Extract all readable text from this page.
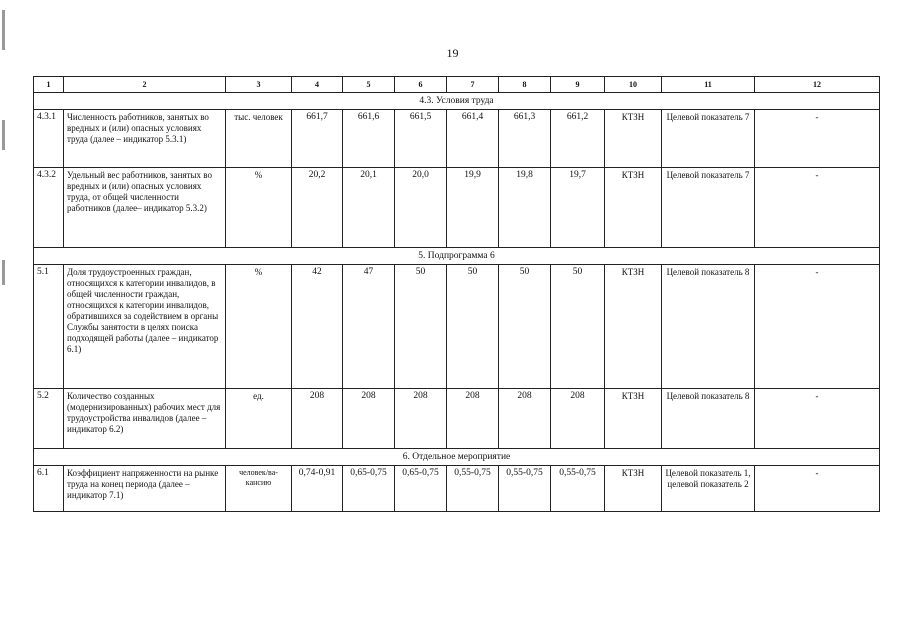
19
1	2	3	4	5	6	7	8	9	10	11	12
4.3. Условия труда											
4.3.1	Численность работников, занятых во вредных и (или) опасных условиях труда (далее – индикатор 5.3.1)	тыс. человек	661,7	661,6	661,5	661,4	661,3	661,2	КТЗН	Целевой показатель 7	-
4.3.2	Удельный вес работников, занятых во вредных и (или) опасных условиях труда, от общей численности работников (далее– индикатор 5.3.2)	%	20,2	20,1	20,0	19,9	19,8	19,7	КТЗН	Целевой показатель 7	-
5. Подпрограмма 6											
5.1	Доля трудоустроенных граждан, относящихся к категории инвалидов, в общей численности граждан, относящихся к категории инвалидов, обратившихся за содействием в органы Службы занятости в целях поиска подходящей работы (далее – индикатор 6.1)	%	42	47	50	50	50	50	КТЗН	Целевой показатель 8	-
5.2	Количество созданных (модернизированных) рабочих мест для трудоустройства инвалидов (далее – индикатор 6.2)	ед.	208	208	208	208	208	208	КТЗН	Целевой показатель 8	-
6. Отдельное мероприятие											
6.1	Коэффициент напряженности на рынке труда на конец периода (далее – индикатор 7.1)	человек/ва-кансию	0,74-0,91	0,65-0,75	0,65-0,75	0,55-0,75	0,55-0,75	0,55-0,75	КТЗН	Целевой показатель 1, целевой показатель 2	-
